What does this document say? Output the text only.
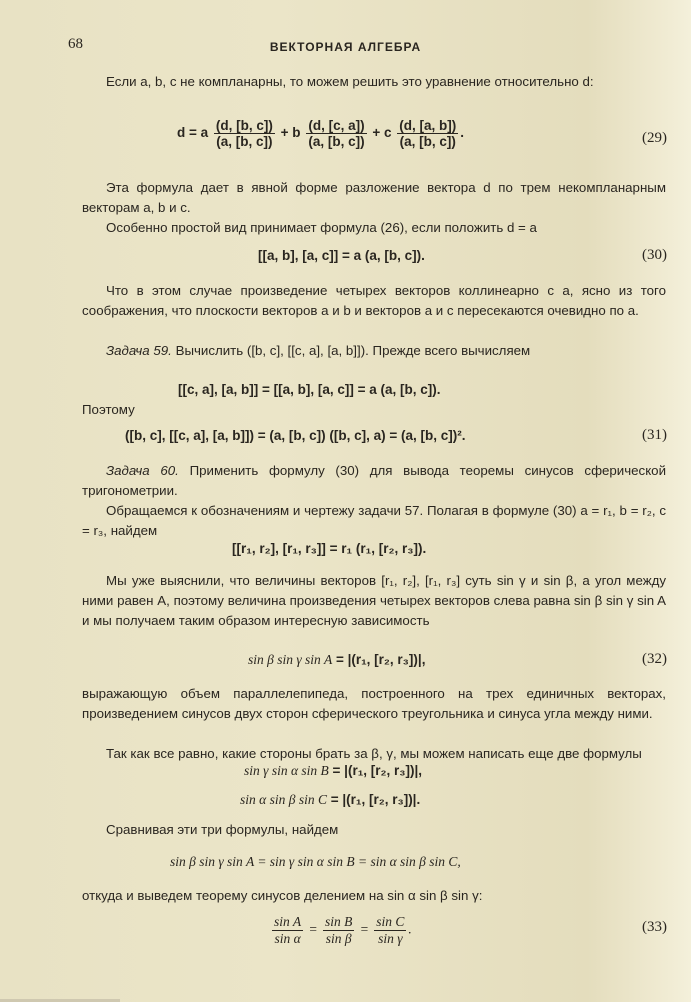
68	ВЕКТОРНАЯ АЛГЕБРА
Если a, b, c не компланарны, то можем решить это уравнение относительно d:
d = a $\frac{(d, [b, c])}{(a, [b, c])} + b \frac{(d, [c, a])}{(a, [b, c])} + c \frac{(d, [a, b])}{(a, [b, c])}$ .	(29)
Эта формула дает в явной форме разложение вектора d по трем некомпланарным векторам a, b и c.
Особенно простой вид принимает формула (26), если положить d = a
[[a, b], [a, c]] = a (a, [b, c]).	(30)
Что в этом случае произведение четырех векторов коллинеарно с a, ясно из того соображения, что плоскости векторов a и b и векторов a и c пересекаются очевидно по a.
Задача 59. Вычислить ([b, c], [[c, a], [a, b]]). Прежде всего вычисляем
[[c, a], [a, b]] = [[a, b], [a, c]] = a (a, [b, c]).
Поэтому
([b, c], [[c, a], [a, b]]) = (a, [b, c]) ([b, c], a) = (a, [b, c])².	(31)
Задача 60. Применить формулу (30) для вывода теоремы синусов сферической тригонометрии.
Обращаемся к обозначениям и чертежу задачи 57. Полагая в формуле (30) a = r₁, b = r₂, c = r₃, найдем
[[r₁, r₂], [r₁, r₃]] = r₁ (r₁, [r₂, r₃]).
Мы уже выяснили, что величины векторов [r₁, r₂], [r₁, r₃] суть sin γ и sin β, а угол между ними равен A, поэтому величина произведения четырех векторов слева равна sin β sin γ sin A и мы получаем таким образом интересную зависимость
sin β sin γ sin A = |(r₁, [r₂, r₃])|,	(32)
выражающую объем параллелепипеда, построенного на трех единичных векторах, произведением синусов двух сторон сферического треугольника и синуса угла между ними.
Так как все равно, какие стороны брать за β, γ, мы можем написать еще две формулы
sin γ sin α sin B = |(r₁, [r₂, r₃])|,
sin α sin β sin C = |(r₁, [r₂, r₃])|.
Сравнивая эти три формулы, найдем
sin β sin γ sin A = sin γ sin α sin B = sin α sin β sin C,
откуда и выведем теорему синусов делением на sin α sin β sin γ:
$\frac{\text{sin A}}{\text{sin α}} = \frac{\text{sin B}}{\text{sin β}} = \frac{\text{sin C}}{\text{sin γ}}$ .	(33)
